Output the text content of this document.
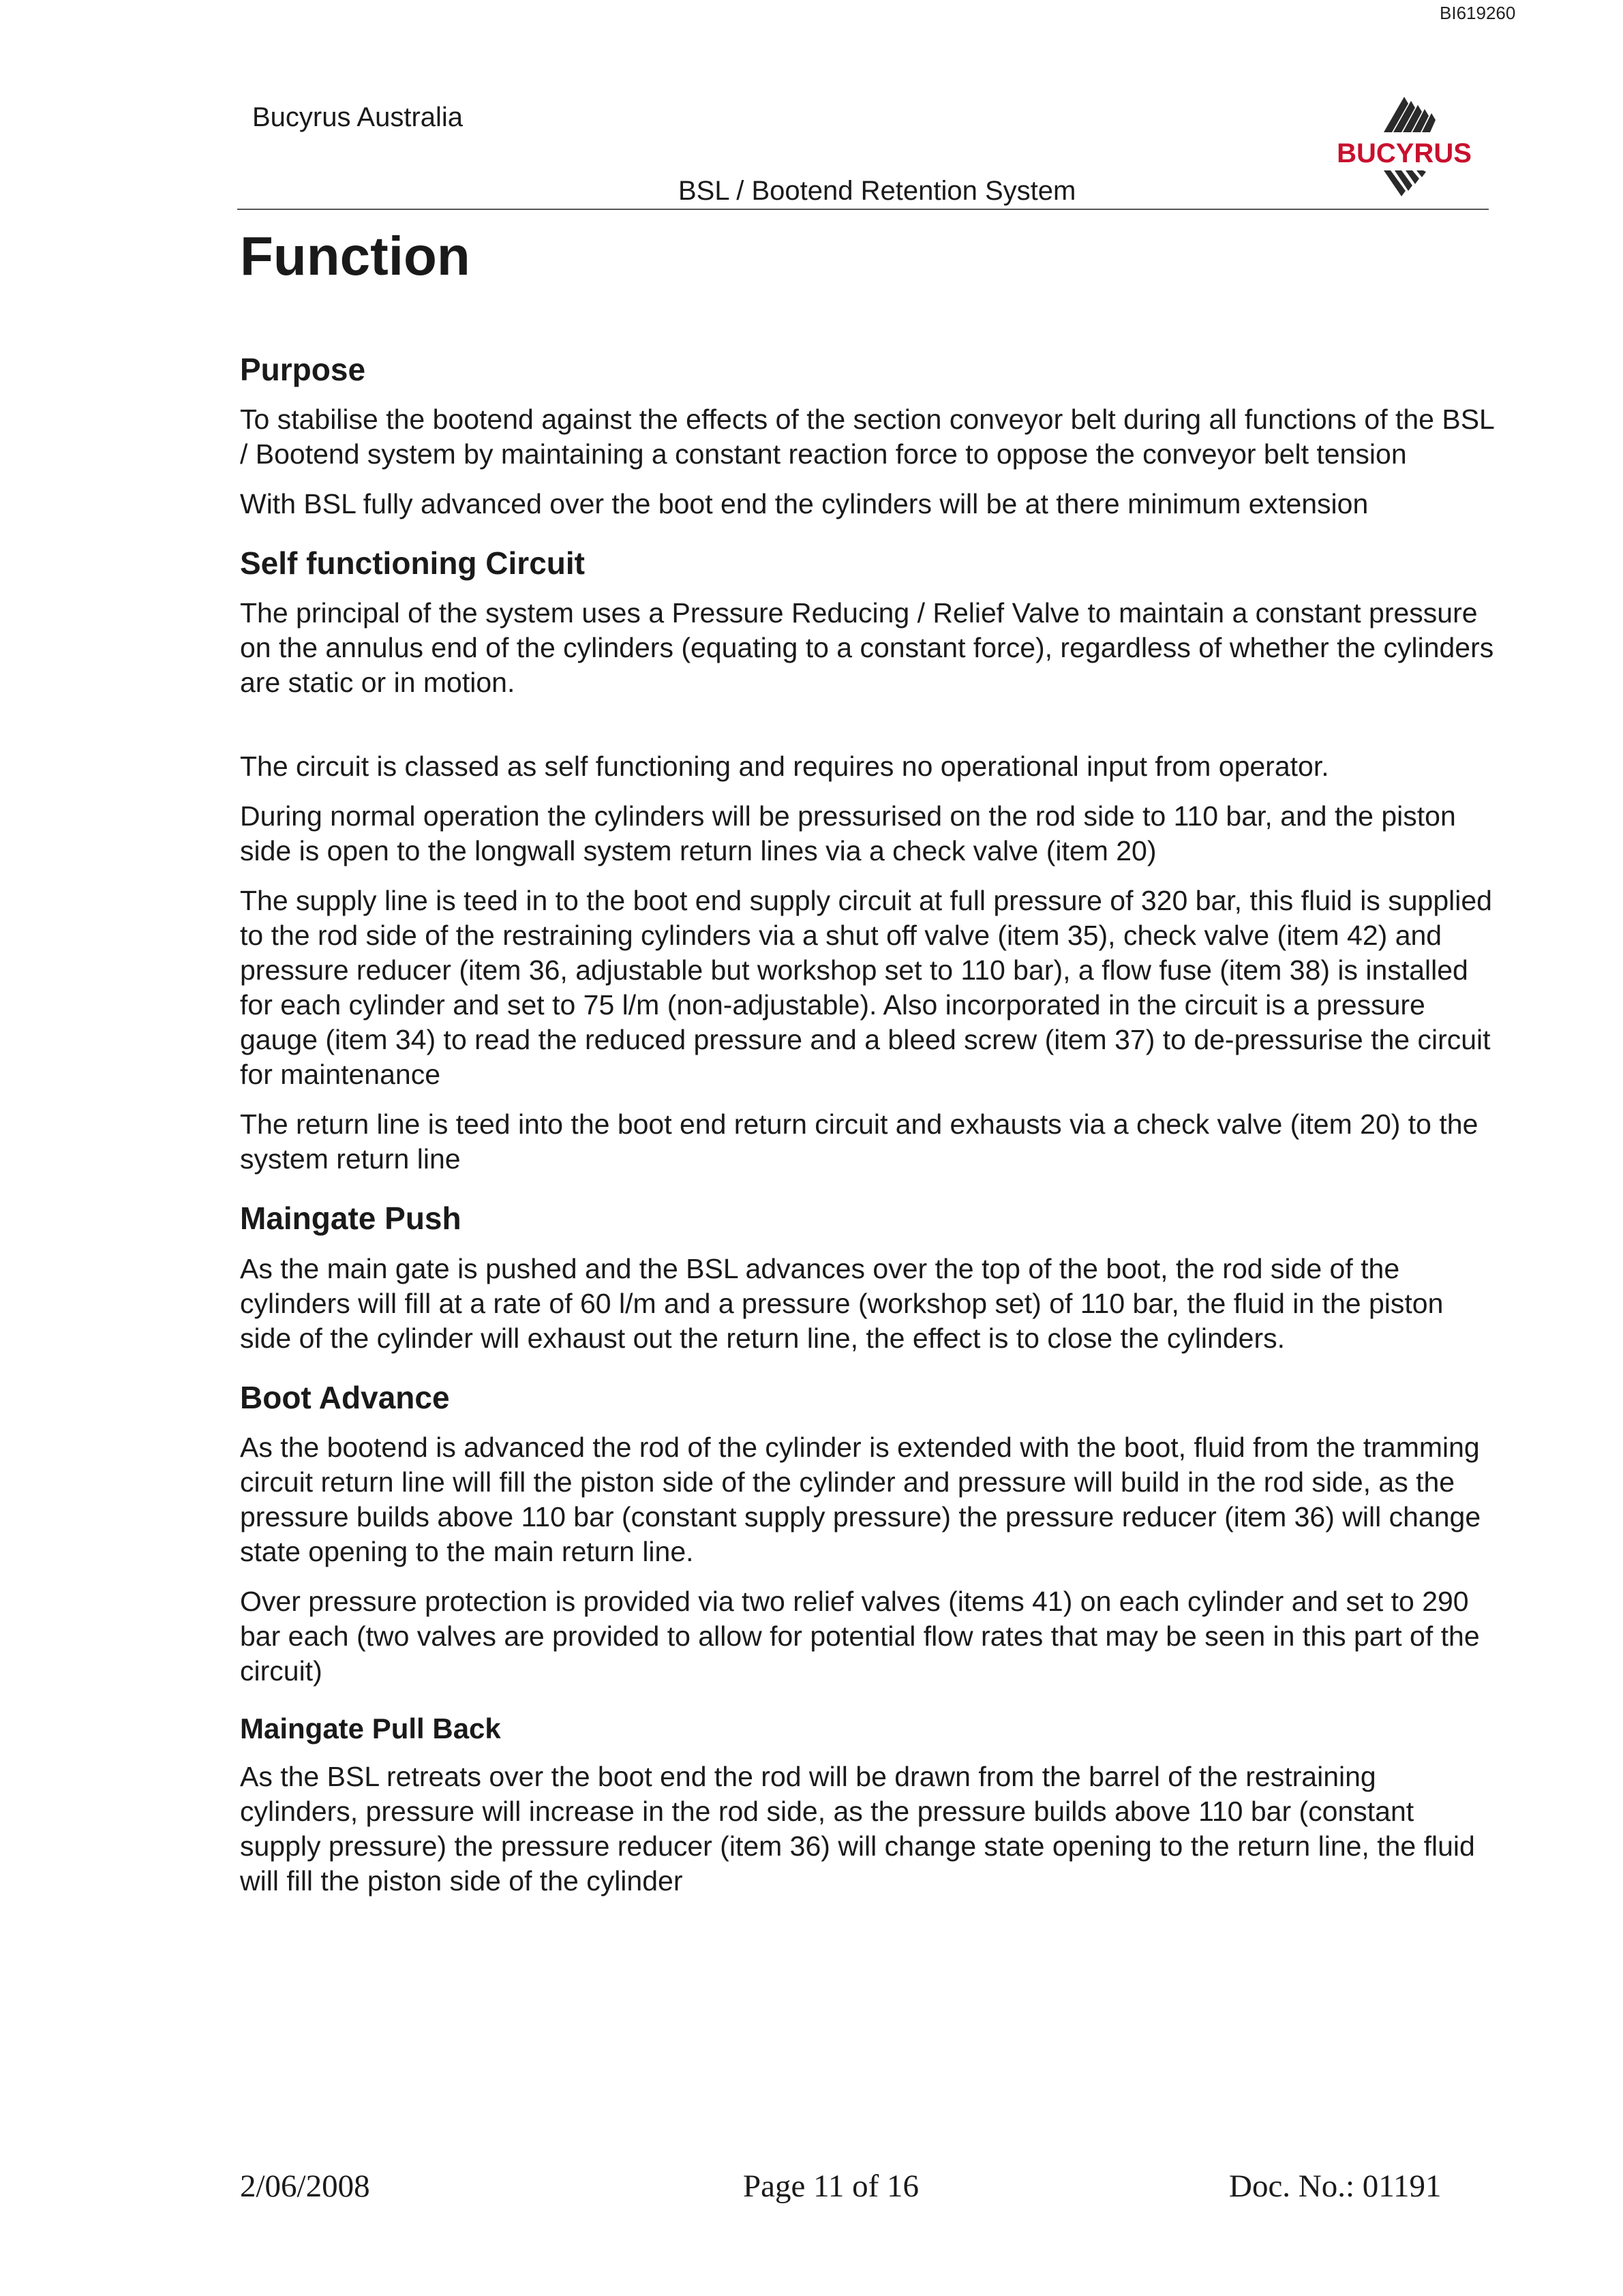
BI619260
Bucyrus Australia
BUCYRUS
BSL / Bootend Retention System
Function
Purpose

To stabilise the bootend against the effects of the section conveyor belt during all functions of the BSL / Bootend system by maintaining a constant reaction force to oppose the conveyor belt tension

With BSL fully advanced over the boot end the cylinders will be at there minimum extension

Self functioning Circuit

The principal of the system uses a Pressure Reducing / Relief Valve to maintain a constant pressure on the annulus end of the cylinders (equating to a constant force), regardless of whether the cylinders are static or in motion.

The circuit is classed as self functioning and requires no operational input from operator.

During normal operation the cylinders will be pressurised on the rod side to 110 bar, and the piston side is open to the longwall system return lines via a check valve (item 20)

The supply line is teed in to the boot end supply circuit at full pressure of 320 bar, this fluid is supplied to the rod side of the restraining cylinders via a shut off valve (item 35), check valve (item 42) and pressure reducer (item 36, adjustable but workshop set to 110 bar), a flow fuse (item 38) is installed for each cylinder and set to 75 l/m (non-adjustable). Also incorporated in the circuit is a pressure gauge (item 34) to read the reduced pressure and a bleed screw (item 37) to de-pressurise the circuit for maintenance

The return line is teed into the boot end return circuit and exhausts via a check valve (item 20) to the system return line

Maingate Push

As the main gate is pushed and the BSL advances over the top of the boot, the rod side of the cylinders will fill at a rate of 60 l/m and a pressure (workshop set) of 110 bar, the fluid in the piston side of the cylinder will exhaust out the return line, the effect is to close the cylinders.

Boot Advance

As the bootend is advanced the rod of the cylinder is extended with the boot, fluid from the tramming circuit return line will fill the piston side of the cylinder and pressure will build in the rod side, as the pressure builds above 110 bar (constant supply pressure) the pressure reducer (item 36) will change state opening to the main return line.

Over pressure protection is provided via two relief valves (items 41) on each cylinder and set to 290 bar each (two valves are provided to allow for potential flow rates that may be seen in this part of the circuit)

Maingate Pull Back

As the BSL retreats over the boot end the rod will be drawn from the barrel of the restraining cylinders, pressure will increase in the rod side, as the pressure builds above 110 bar (constant supply pressure) the pressure reducer (item 36) will change state opening to the return line, the fluid will fill the piston side of the cylinder

2/06/2008	Page 11 of 16	Doc. No.: 01191
